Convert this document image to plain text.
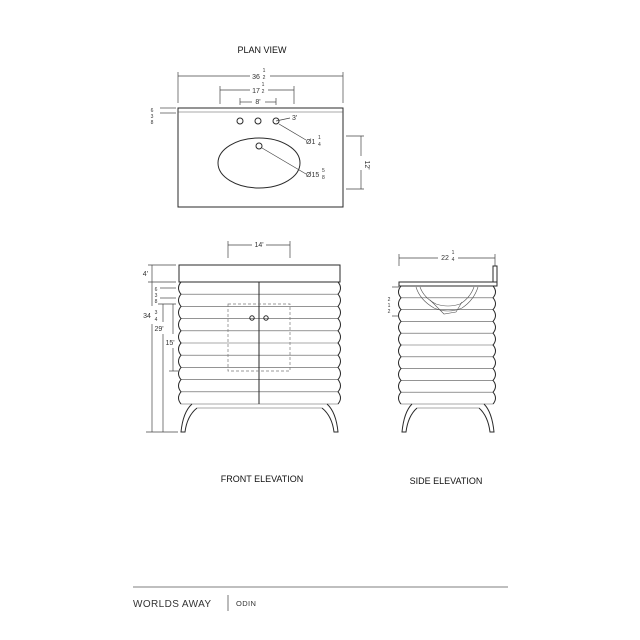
PLAN VIEW
36
1
2
17
1
2
8'
6
3
8
3'
Ø1
1
4
Ø15
5
8
12'
14'
4'
6
3
8
34 3
4
29'
15'
FRONT ELEVATION
22
1
4
2
1
2
SIDE ELEVATION
WORLDS AWAY	ODIN
